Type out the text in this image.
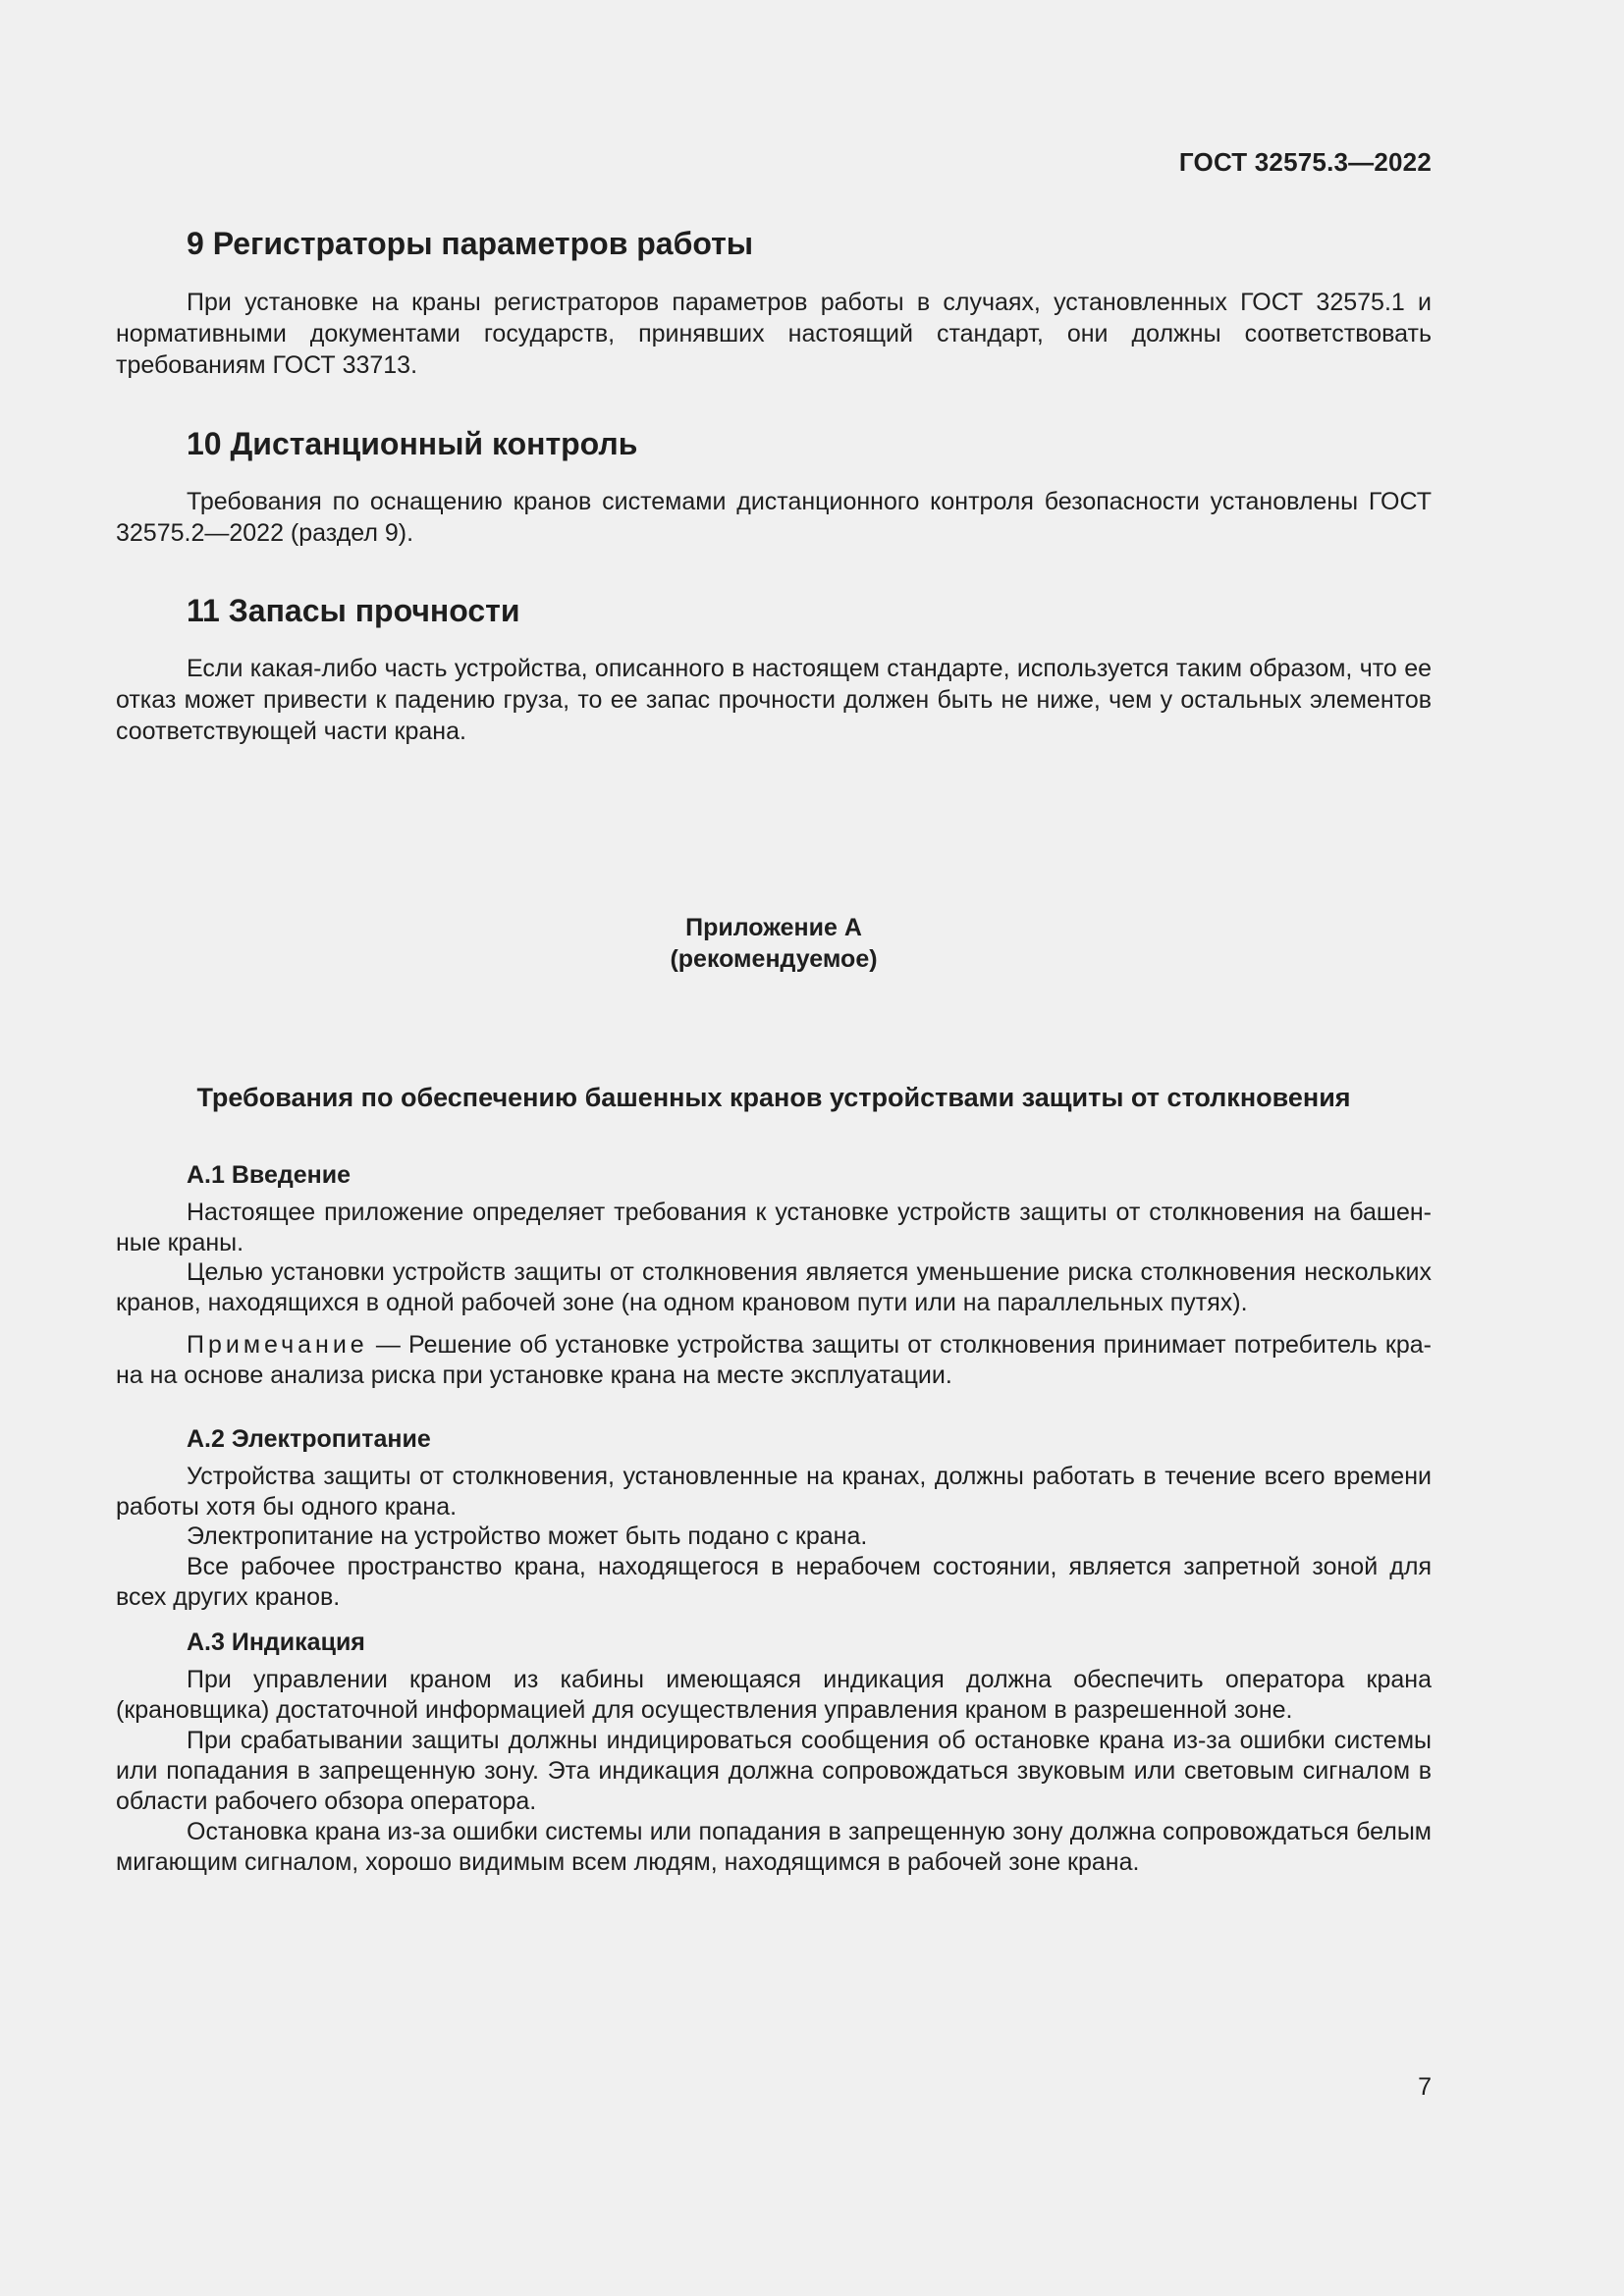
ГОСТ 32575.3—2022
9 Регистраторы параметров работы
При установке на краны регистраторов параметров работы в случаях, установленных ГОСТ 32575.1 и нормативными документами государств, принявших настоящий стандарт, они должны соответствовать требованиям ГОСТ 33713.
10 Дистанционный контроль
Требования по оснащению кранов системами дистанционного контроля безопасности установлены ГОСТ 32575.2—2022 (раздел 9).
11 Запасы прочности
Если какая-либо часть устройства, описанного в настоящем стандарте, используется таким образом, что ее отказ может привести к падению груза, то ее запас прочности должен быть не ниже, чем у остальных элементов соответствующей части крана.
Приложение А
(рекомендуемое)
Требования по обеспечению башенных кранов устройствами защиты от столкновения
А.1 Введение
Настоящее приложение определяет требования к установке устройств защиты от столкновения на башенные краны.
Целью установки устройств защиты от столкновения является уменьшение риска столкновения нескольких кранов, находящихся в одной рабочей зоне (на одном крановом пути или на параллельных путях).
Примечание — Решение об установке устройства защиты от столкновения принимает потребитель крана на основе анализа риска при установке крана на месте эксплуатации.
А.2 Электропитание
Устройства защиты от столкновения, установленные на кранах, должны работать в течение всего времени работы хотя бы одного крана.
Электропитание на устройство может быть подано с крана.
Все рабочее пространство крана, находящегося в нерабочем состоянии, является запретной зоной для всех других кранов.
А.3 Индикация
При управлении краном из кабины имеющаяся индикация должна обеспечить оператора крана (крановщика) достаточной информацией для осуществления управления краном в разрешенной зоне.
При срабатывании защиты должны индицироваться сообщения об остановке крана из-за ошибки системы или попадания в запрещенную зону. Эта индикация должна сопровождаться звуковым или световым сигналом в области рабочего обзора оператора.
Остановка крана из-за ошибки системы или попадания в запрещенную зону должна сопровождаться белым мигающим сигналом, хорошо видимым всем людям, находящимся в рабочей зоне крана.
7
